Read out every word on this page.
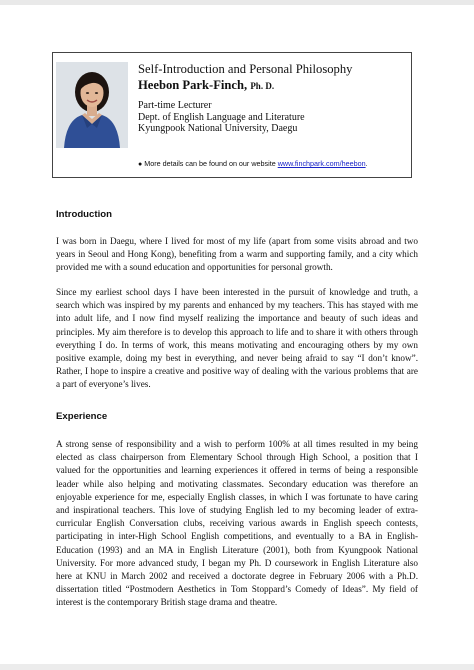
Self-Introduction and Personal Philosophy
Heebon Park-Finch, Ph. D.
Part-time Lecturer
Dept. of English Language and Literature
Kyungpook National University, Daegu
● More details can be found on our website www.finchpark.com/heebon.
Introduction

I was born in Daegu, where I lived for most of my life (apart from some visits abroad and two years in Seoul and Hong Kong), benefiting from a warm and supporting family, and a city which provided me with a sound education and opportunities for personal growth.

Since my earliest school days I have been interested in the pursuit of knowledge and truth, a search which was inspired by my parents and enhanced by my teachers. This has stayed with me into adult life, and I now find myself realizing the importance and beauty of such ideas and principles. My aim therefore is to develop this approach to life and to share it with others through everything I do. In terms of work, this means motivating and encouraging others by my own positive example, doing my best in everything, and never being afraid to say “I don’t know”. Rather, I hope to inspire a creative and positive way of dealing with the various problems that are a part of everyone’s lives.

Experience

A strong sense of responsibility and a wish to perform 100% at all times resulted in my being elected as class chairperson from Elementary School through High School, a position that I valued for the opportunities and learning experiences it offered in terms of being a responsible leader while also helping and motivating classmates. Secondary education was therefore an enjoyable experience for me, especially English classes, in which I was fortunate to have caring and inspirational teachers. This love of studying English led to my becoming leader of extra-curricular English Conversation clubs, receiving various awards in English speech contests, participating in inter-High School English competitions, and eventually to a BA in English-Education (1993) and an MA in English Literature (2001), both from Kyungpook National University. For more advanced study, I began my Ph. D coursework in English Literature also here at KNU in March 2002 and received a doctorate degree in February 2006 with a Ph.D. dissertation titled “Postmodern Aesthetics in Tom Stoppard’s Comedy of Ideas”. My field of interest is the contemporary British stage drama and theatre.
